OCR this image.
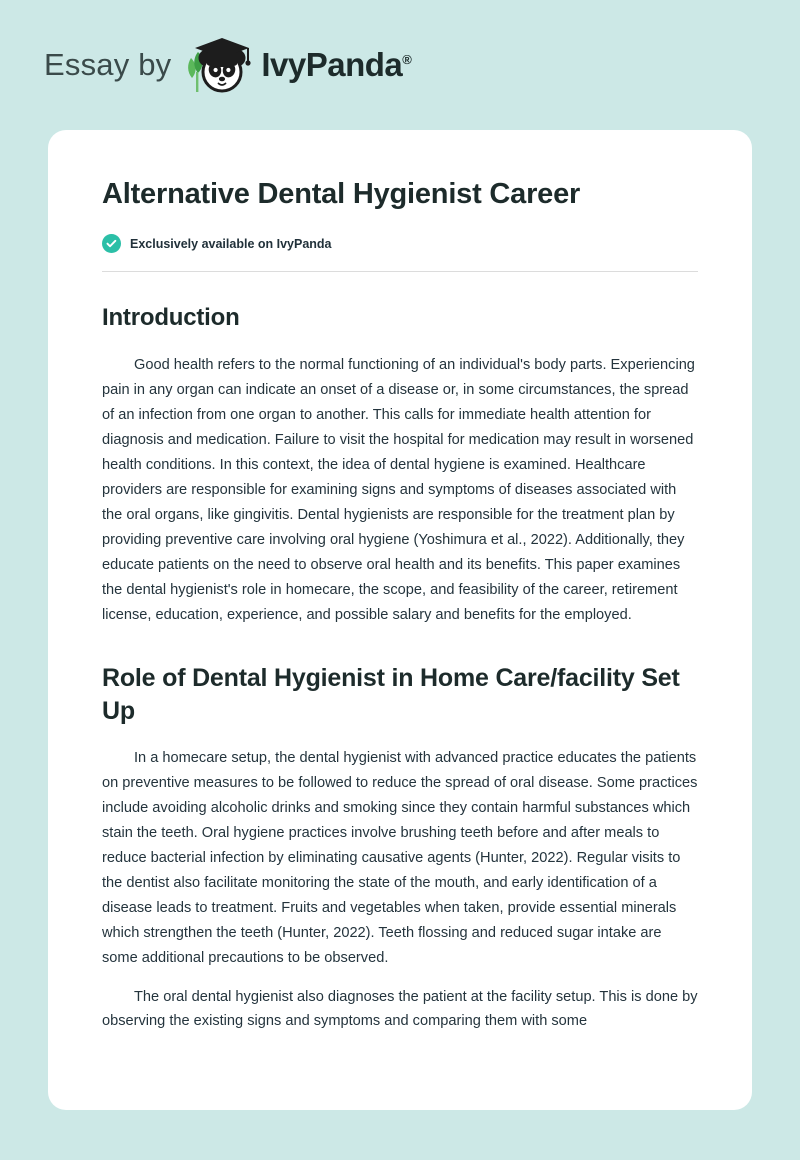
Essay by	IvyPanda®
Alternative Dental Hygienist Career
Exclusively available on IvyPanda
Introduction

Good health refers to the normal functioning of an individual's body parts. Experiencing pain in any organ can indicate an onset of a disease or, in some circumstances, the spread of an infection from one organ to another. This calls for immediate health attention for diagnosis and medication. Failure to visit the hospital for medication may result in worsened health conditions. In this context, the idea of dental hygiene is examined. Healthcare providers are responsible for examining signs and symptoms of diseases associated with the oral organs, like gingivitis. Dental hygienists are responsible for the treatment plan by providing preventive care involving oral hygiene (Yoshimura et al., 2022). Additionally, they educate patients on the need to observe oral health and its benefits. This paper examines the dental hygienist's role in homecare, the scope, and feasibility of the career, retirement license, education, experience, and possible salary and benefits for the employed.

Role of Dental Hygienist in Home Care/facility Set Up

In a homecare setup, the dental hygienist with advanced practice educates the patients on preventive measures to be followed to reduce the spread of oral disease. Some practices include avoiding alcoholic drinks and smoking since they contain harmful substances which stain the teeth. Oral hygiene practices involve brushing teeth before and after meals to reduce bacterial infection by eliminating causative agents (Hunter, 2022). Regular visits to the dentist also facilitate monitoring the state of the mouth, and early identification of a disease leads to treatment. Fruits and vegetables when taken, provide essential minerals which strengthen the teeth (Hunter, 2022). Teeth flossing and reduced sugar intake are some additional precautions to be observed.

The oral dental hygienist also diagnoses the patient at the facility setup. This is done by observing the existing signs and symptoms and comparing them with some
